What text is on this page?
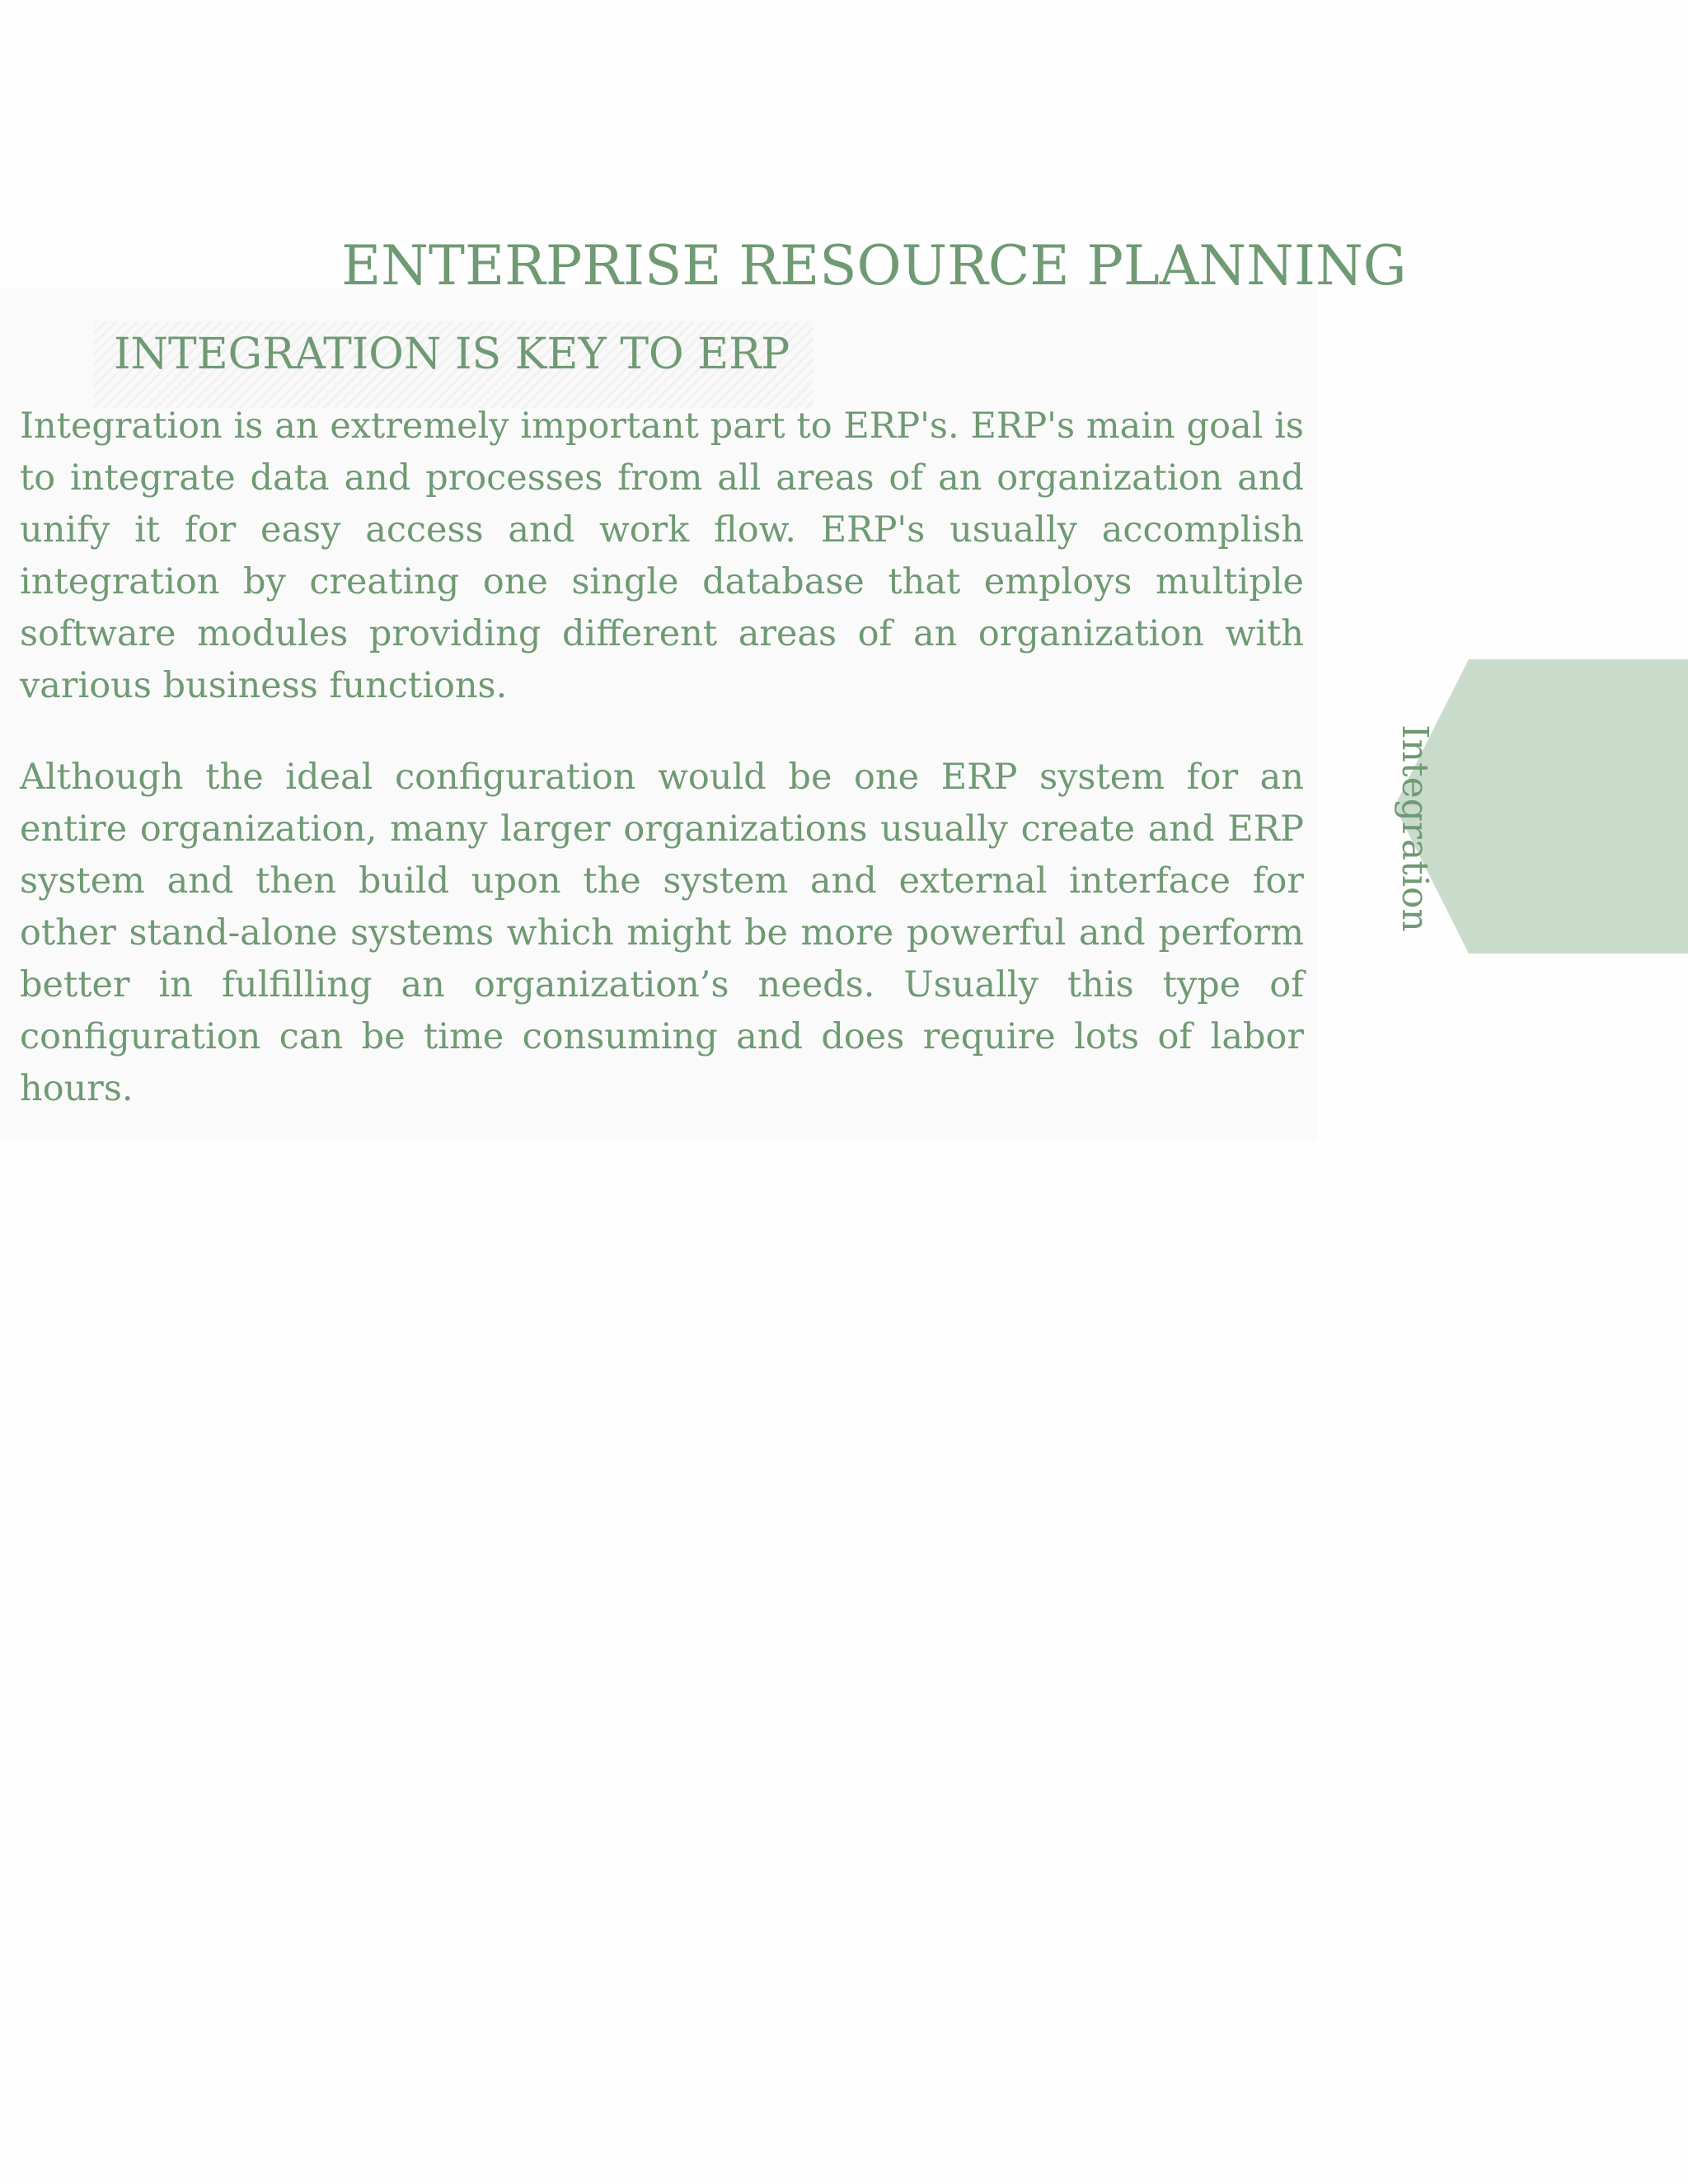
ENTERPRISE RESOURCE PLANNING
INTEGRATION IS KEY TO ERP

Integration is an extremely important part to ERP's. ERP's main goal is to integrate data and processes from all areas of an organization and unify it for easy access and work flow. ERP's usually accomplish integration by creating one single database that employs multiple software modules providing different areas of an organization with various business functions.

Although the ideal configuration would be one ERP system for an entire organization, many larger organizations usually create and ERP system and then build upon the system and external interface for other stand-alone systems which might be more powerful and perform better in fulfilling an organization’s needs. Usually this type of configuration can be time consuming and does require lots of labor hours.

Integration
